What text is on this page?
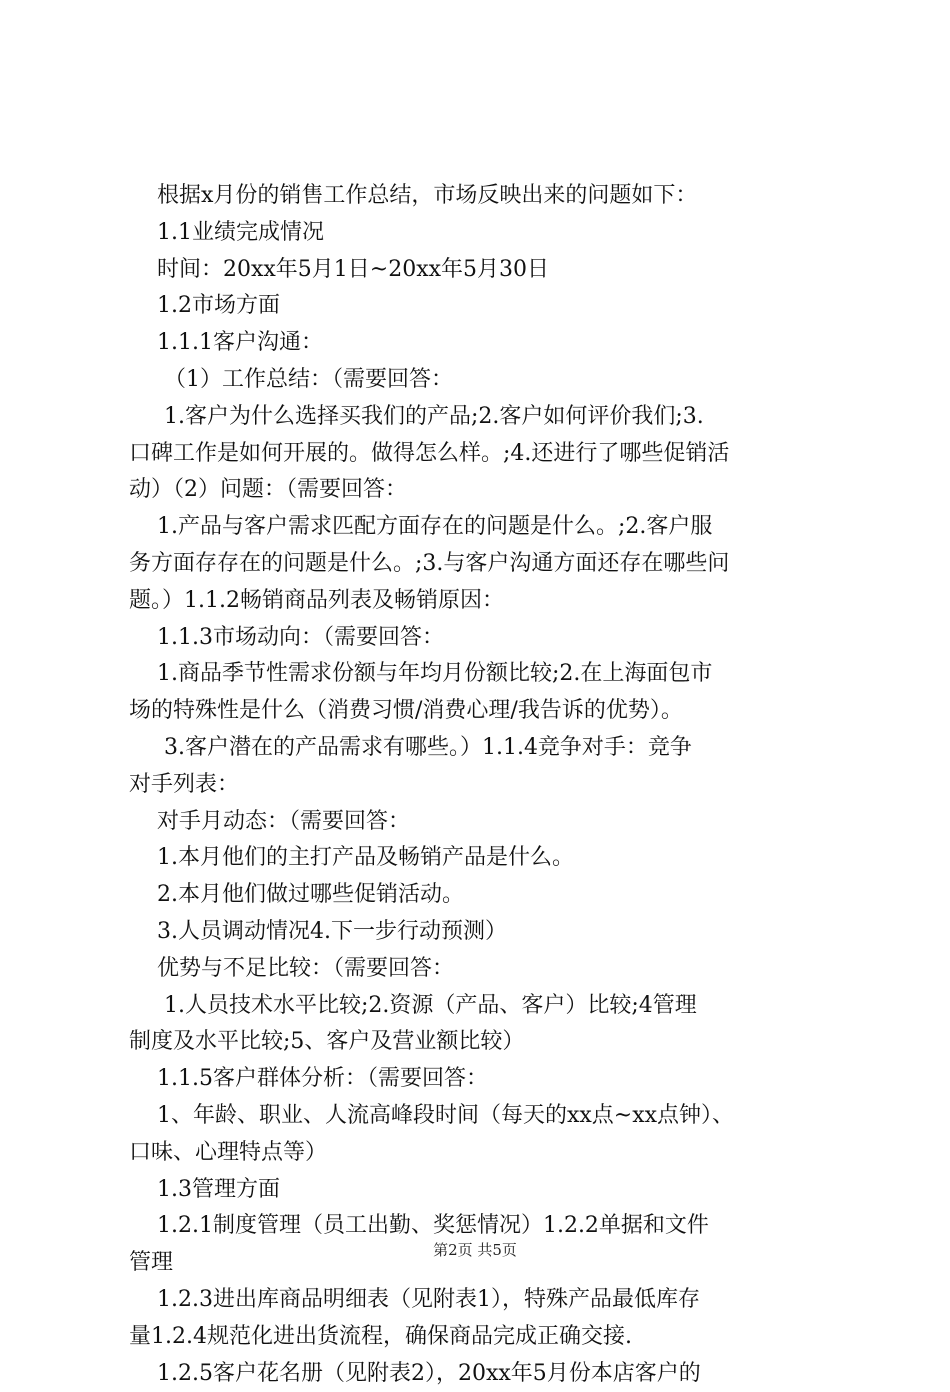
根据x月份的销售工作总结，市场反映出来的问题如下：
1.1业绩完成情况
时间：20xx年5月1日~20xx年5月30日
1.2市场方面
1.1.1客户沟通：
（1）工作总结：（需要回答：
1.客户为什么选择买我们的产品;2.客户如何评价我们;3.
口碑工作是如何开展的。做得怎么样。;4.还进行了哪些促销活
动）（2）问题：（需要回答：
1.产品与客户需求匹配方面存在的问题是什么。;2.客户服
务方面存存在的问题是什么。;3.与客户沟通方面还存在哪些问
题。）1.1.2畅销商品列表及畅销原因：
1.1.3市场动向：（需要回答：
1.商品季节性需求份额与年均月份额比较;2.在上海面包市
场的特殊性是什么（消费习惯/消费心理/我告诉的优势）。
3.客户潜在的产品需求有哪些。）1.1.4竞争对手：竞争
对手列表：
对手月动态：（需要回答：
1.本月他们的主打产品及畅销产品是什么。
2.本月他们做过哪些促销活动。
3.人员调动情况4.下一步行动预测）
优势与不足比较：（需要回答：
1.人员技术水平比较;2.资源（产品、客户）比较;4管理
制度及水平比较;5、客户及营业额比较）
1.1.5客户群体分析：（需要回答：
1、年龄、职业、人流高峰段时间（每天的xx点~xx点钟）、
口味、心理特点等）
1.3管理方面
1.2.1制度管理（员工出勤、奖惩情况）1.2.2单据和文件
管理
1.2.3进出库商品明细表（见附表1），特殊产品最低库存
量1.2.4规范化进出货流程，确保商品完成正确交接.
1.2.5客户花名册（见附表2），20xx年5月份本店客户的
第2页 共5页
